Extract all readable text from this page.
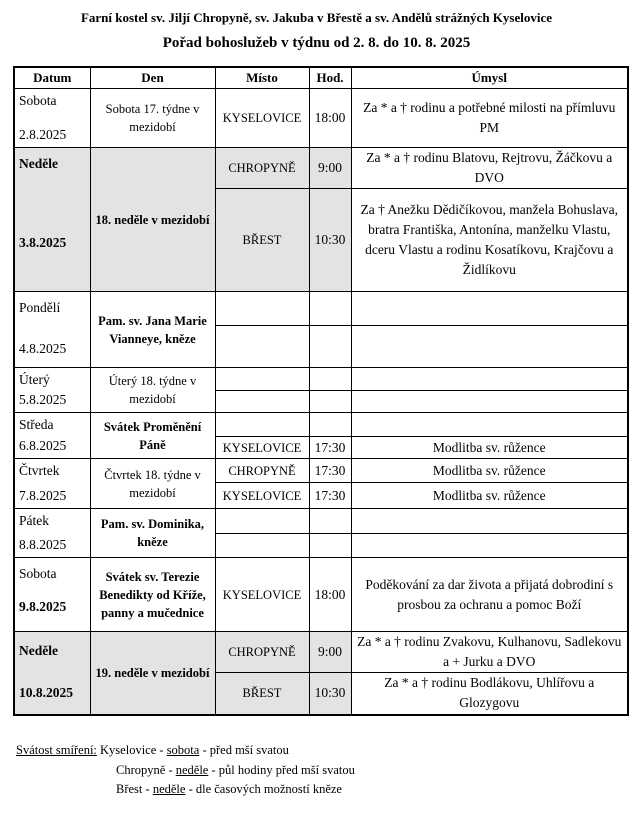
Farní kostel sv. Jiljí Chropyně, sv. Jakuba v Břestě a sv. Andělů strážných Kyselovice
Pořad bohoslužeb v týdnu od 2. 8. do 10. 8. 2025
Datum	Den	Místo	Hod.	Úmysl

Sobota
2.8.2025	Sobota 17. týdne v mezidobí	KYSELOVICE	18:00	Za * a † rodinu a potřebné milosti na přímluvu PM

Neděle
3.8.2025	18. neděle v mezidobí	CHROPYNĚ	9:00	Za * a † rodinu Blatovu, Rejtrovu, Žáčkovu a DVO
		BŘEST	10:30	Za † Anežku Dědičíkovou, manžela Bohuslava, bratra Františka, Antonína, manželku Vlastu, dceru Vlastu a rodinu Kosatíkovu, Krajčovu a Židlíkovu

Pondělí
4.8.2025	Pam. sv. Jana Marie Vianneye, kněze			

Úterý
5.8.2025	Úterý 18. týdne v mezidobí			

Středa
6.8.2025	Svátek Proměnění Páně			
		KYSELOVICE	17:30	Modlitba sv. růžence

Čtvrtek
7.8.2025	Čtvrtek 18. týdne v mezidobí	CHROPYNĚ	17:30	Modlitba sv. růžence
		KYSELOVICE	17:30	Modlitba sv. růžence

Pátek
8.8.2025	Pam. sv. Dominika, kněze			

Sobota
9.8.2025	Svátek sv. Terezie Benedikty od Kříže, panny a mučednice	KYSELOVICE	18:00	Poděkování za dar života a přijatá dobrodiní s prosbou za ochranu a pomoc Boží

Neděle
10.8.2025	19. neděle v mezidobí	CHROPYNĚ	9:00	Za * a † rodinu Zvakovu, Kulhanovu, Sadlekovu a + Jurku a DVO
		BŘEST	10:30	Za * a † rodinu Bodlákovu, Uhlířovu a Glozygovu
Svátost smíření: Kyselovice - sobota - před mší svatou
Chropyně - neděle - půl hodiny před mší svatou
Břest - neděle - dle časových možností kněze
